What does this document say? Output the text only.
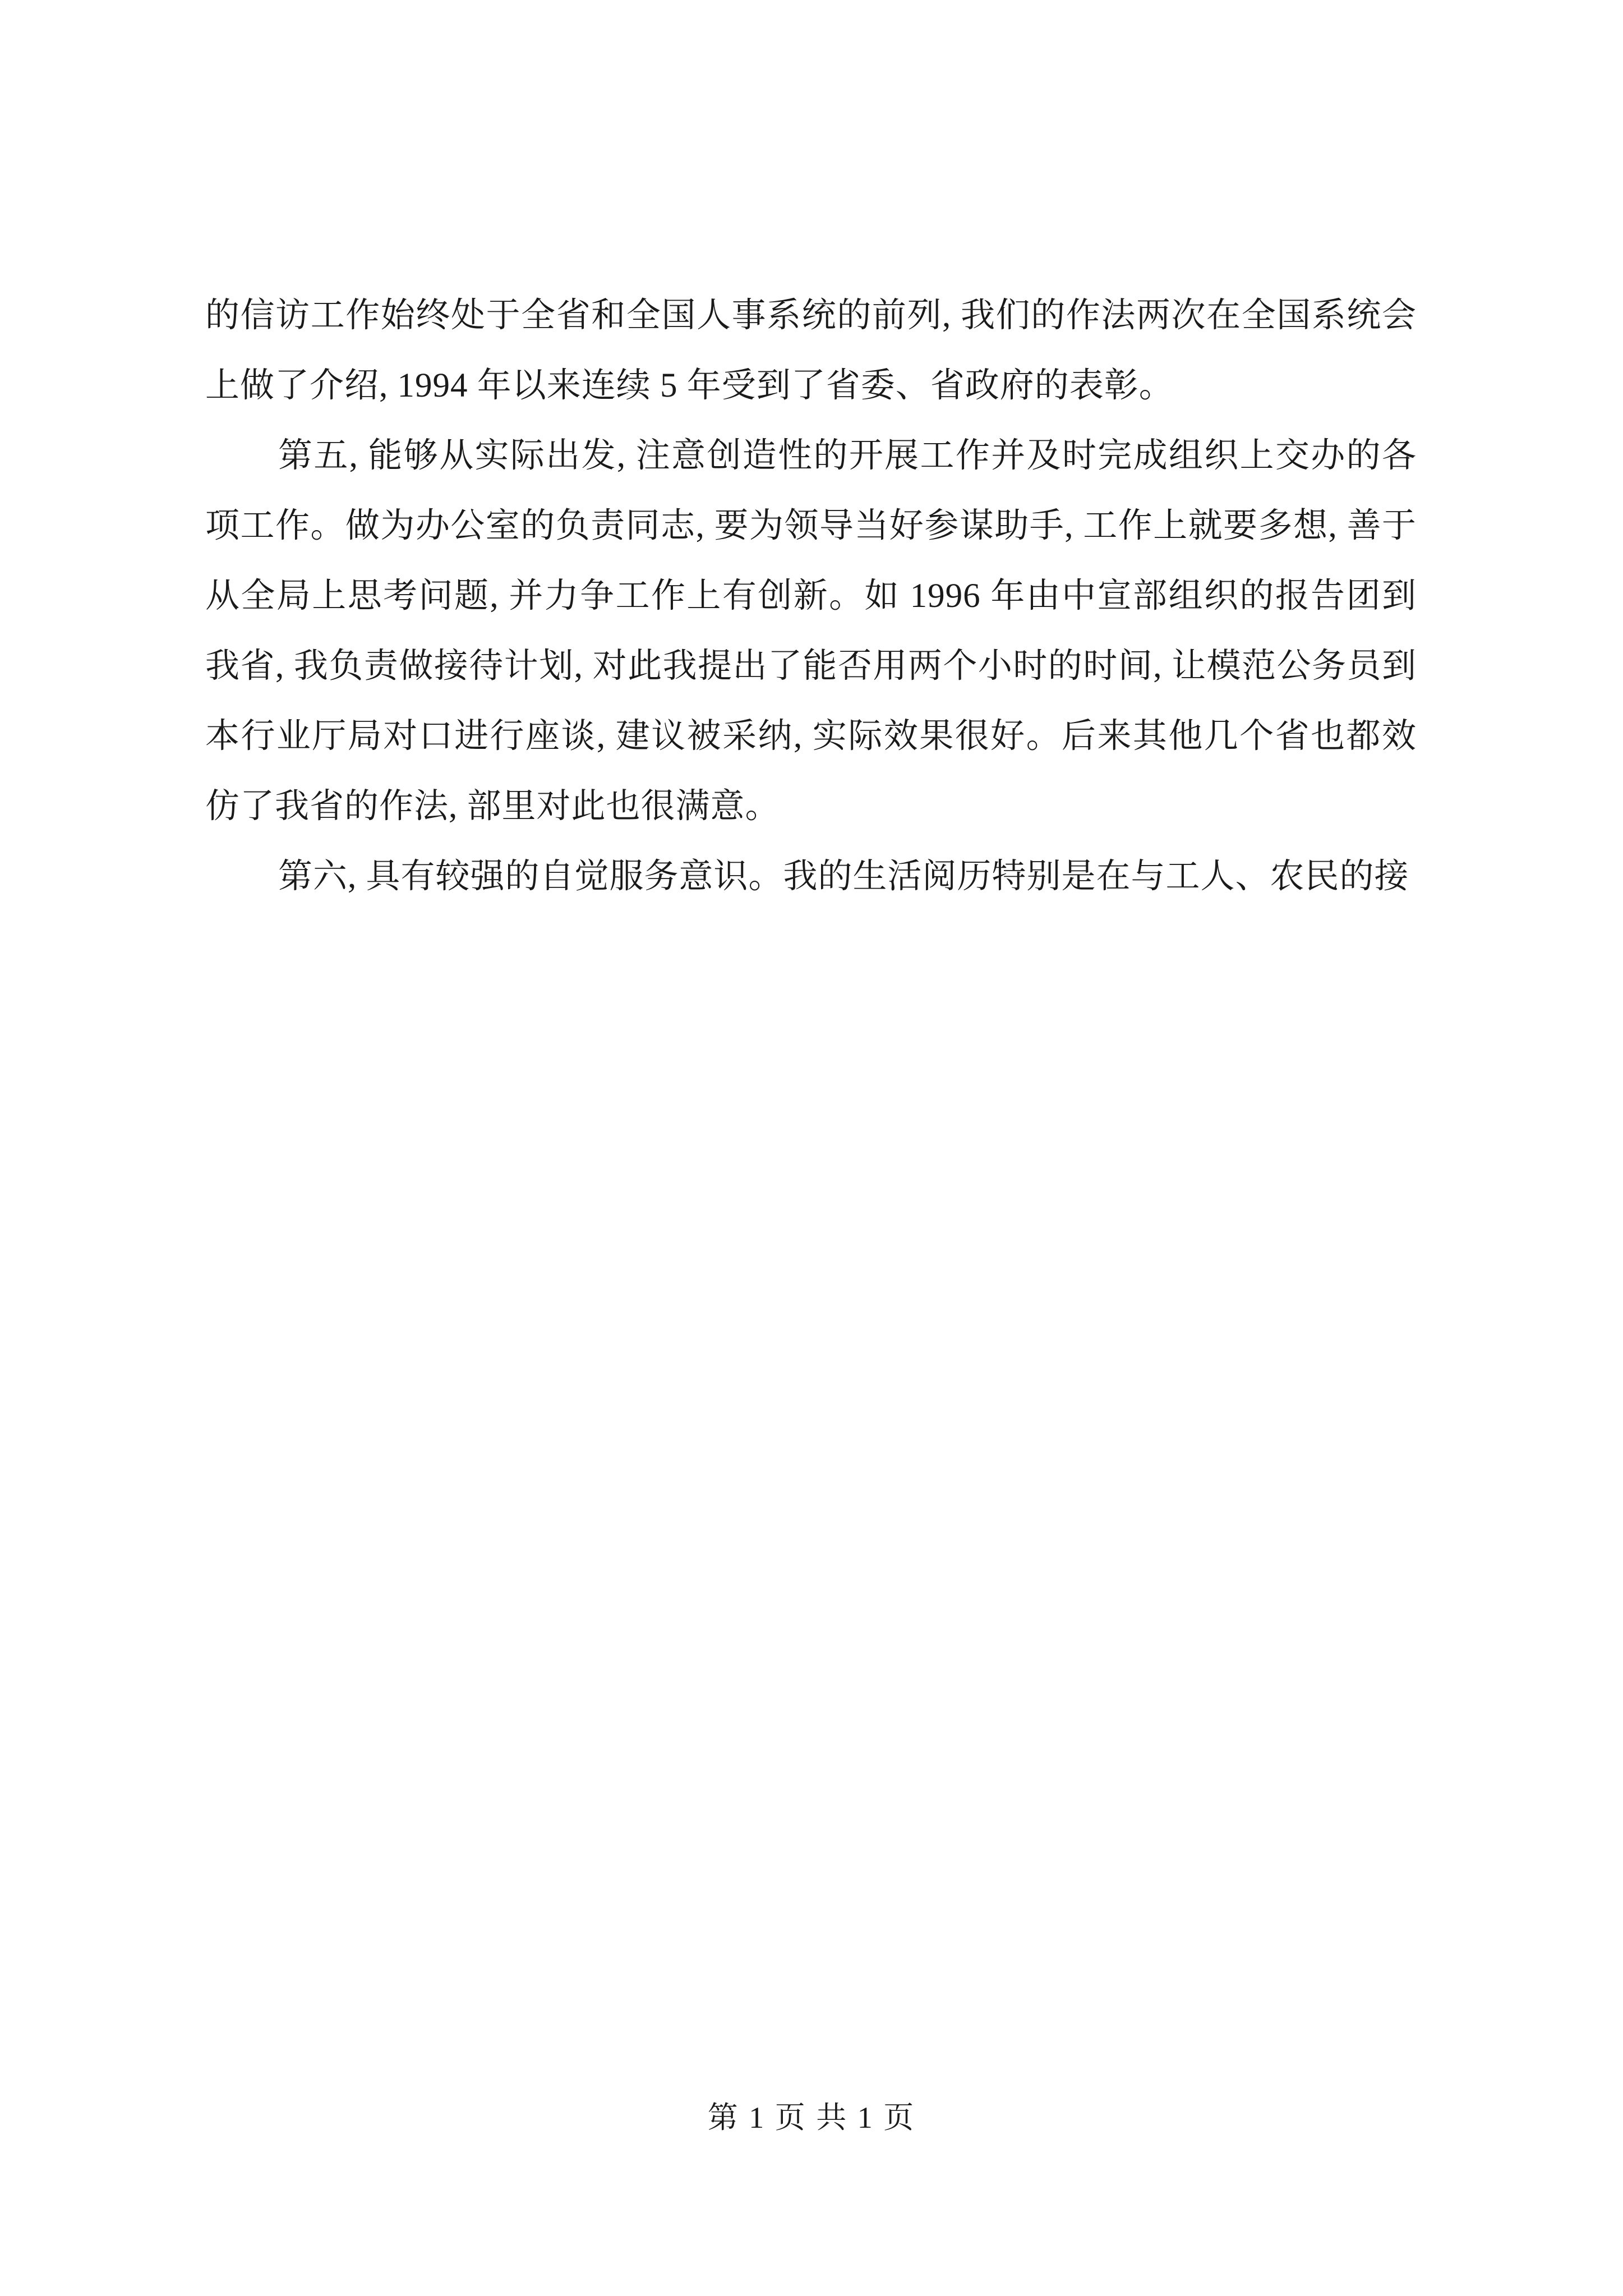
的信访工作始终处于全省和全国人事系统的前列, 我们的作法两次在全国系统会上做了介绍, 1994 年以来连续 5 年受到了省委、省政府的表彰。

第五, 能够从实际出发, 注意创造性的开展工作并及时完成组织上交办的各项工作。做为办公室的负责同志, 要为领导当好参谋助手, 工作上就要多想, 善于从全局上思考问题, 并力争工作上有创新。如 1996 年由中宣部组织的报告团到我省, 我负责做接待计划, 对此我提出了能否用两个小时的时间, 让模范公务员到本行业厅局对口进行座谈, 建议被采纳, 实际效果很好。后来其他几个省也都效仿了我省的作法, 部里对此也很满意。

第六, 具有较强的自觉服务意识。我的生活阅历特别是在与工人、农民的接

第 1 页 共 1 页
